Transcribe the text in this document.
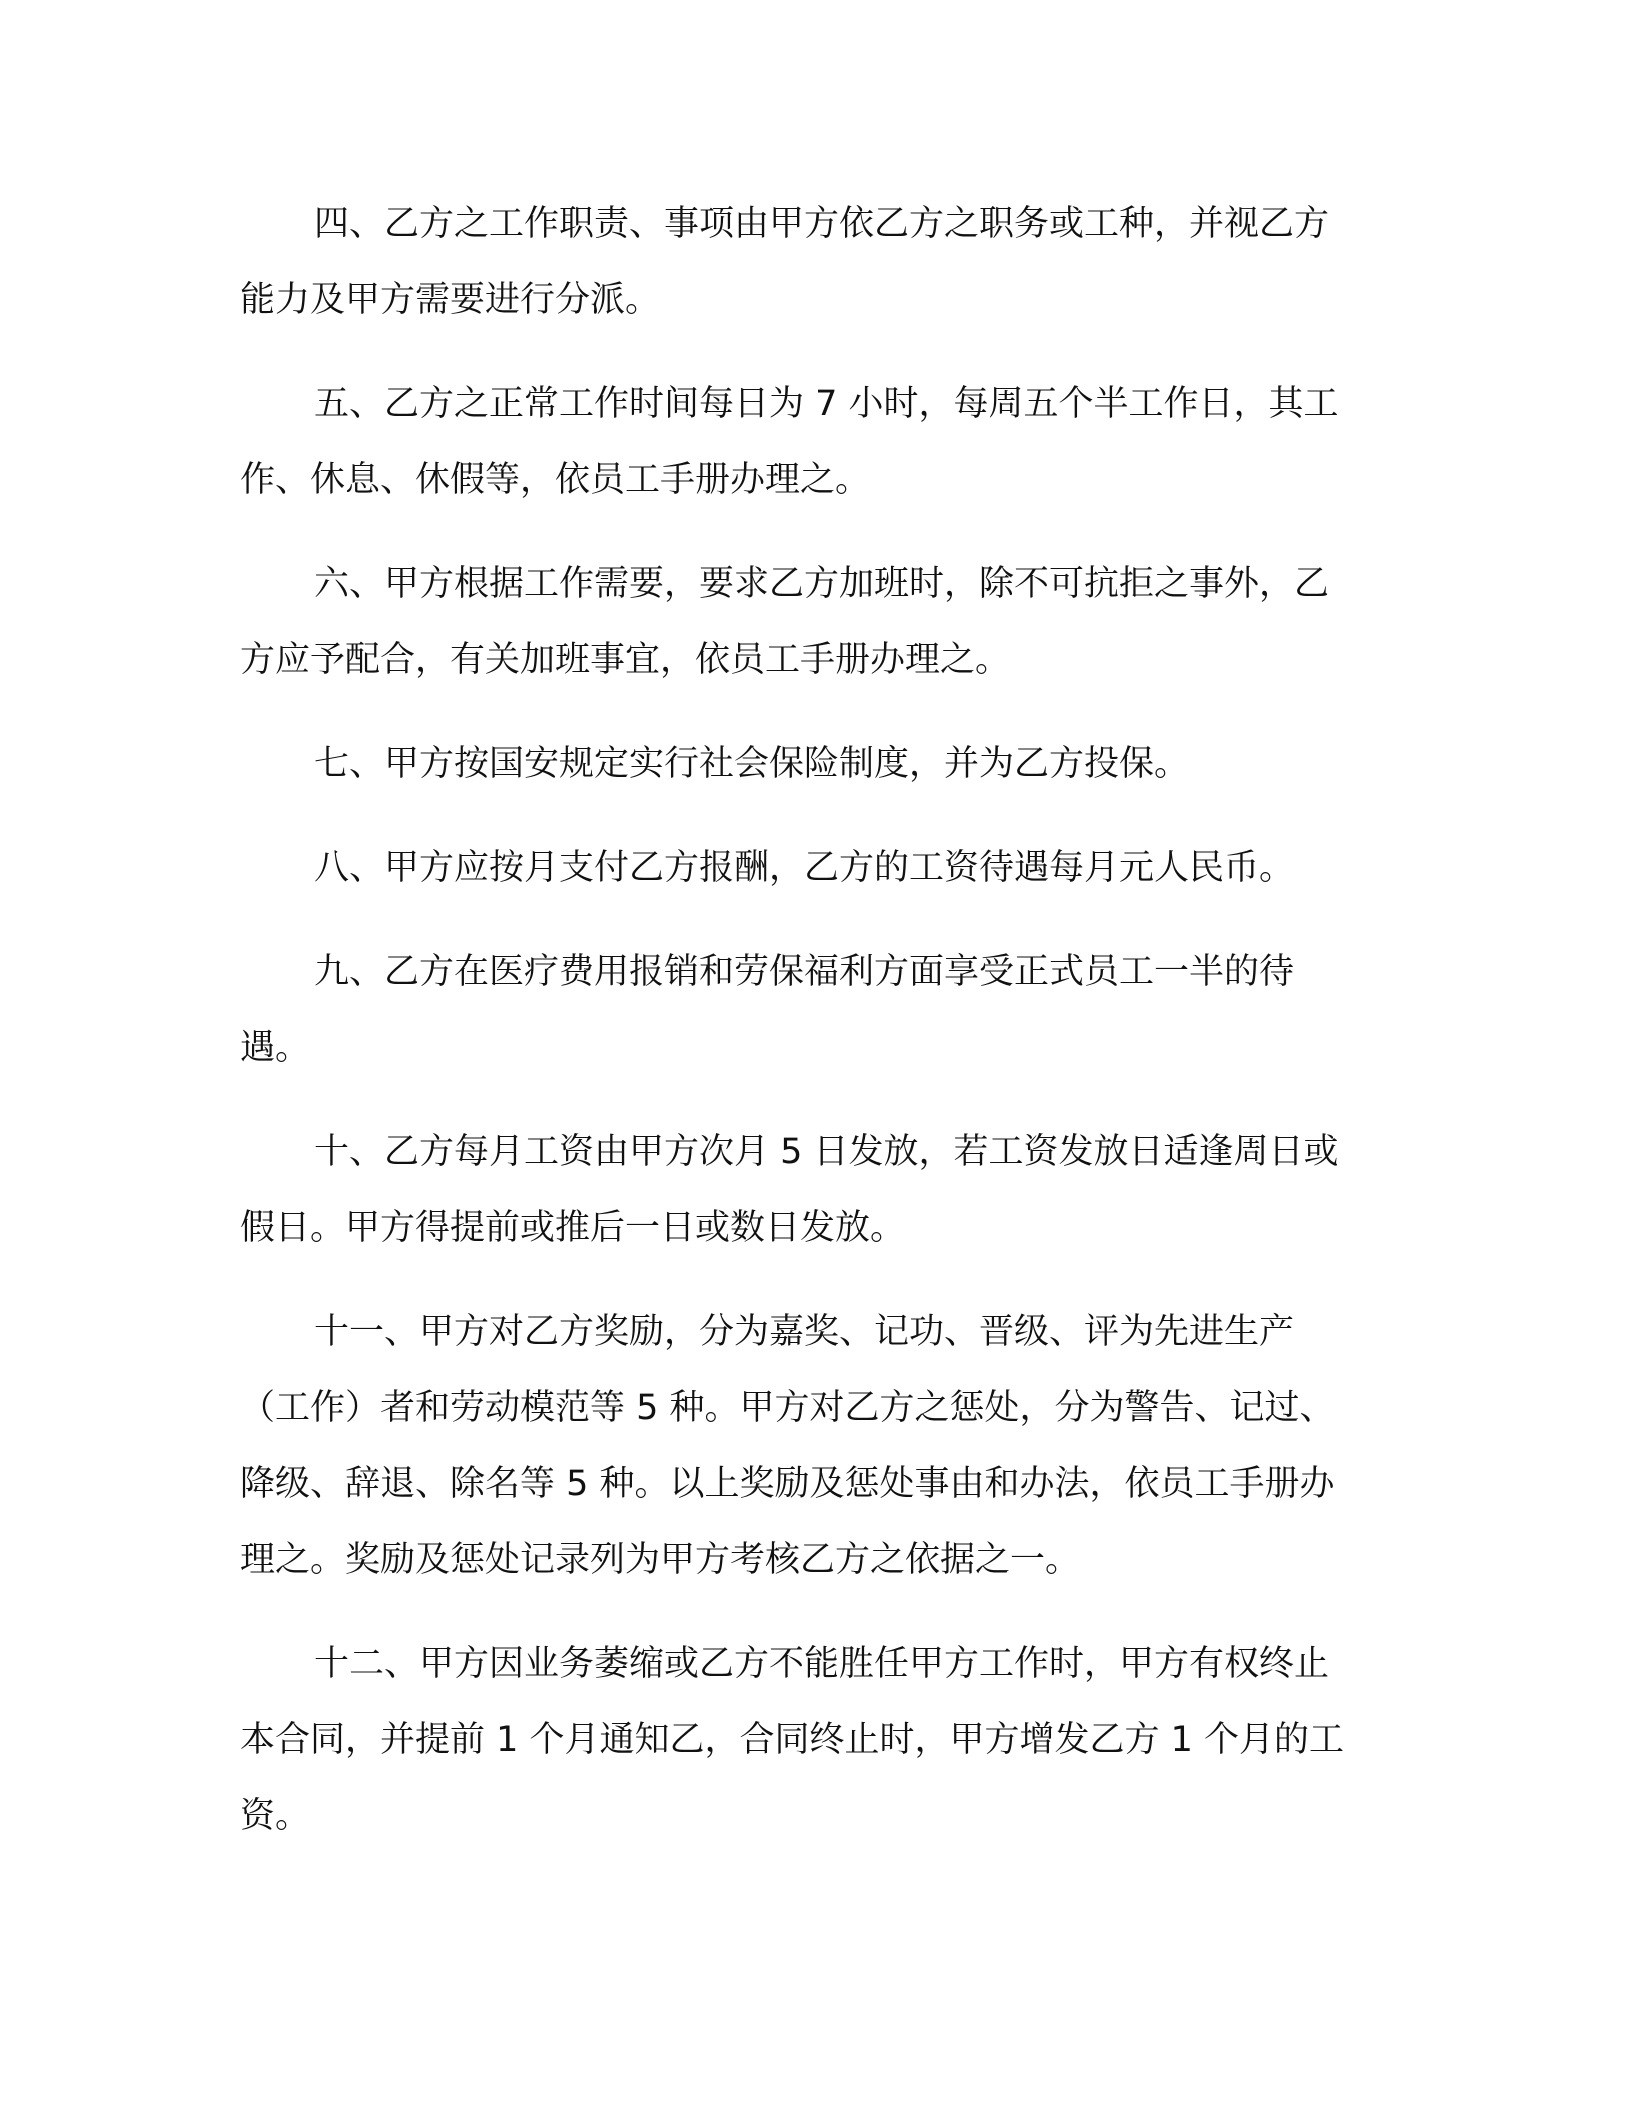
四、乙方之工作职责、事项由甲方依乙方之职务或工种，并视乙方能力及甲方需要进行分派。

五、乙方之正常工作时间每日为 7 小时，每周五个半工作日，其工作、休息、休假等，依员工手册办理之。

六、甲方根据工作需要，要求乙方加班时，除不可抗拒之事外，乙方应予配合，有关加班事宜，依员工手册办理之。

七、甲方按国安规定实行社会保险制度，并为乙方投保。

八、甲方应按月支付乙方报酬，乙方的工资待遇每月元人民币。

九、乙方在医疗费用报销和劳保福利方面享受正式员工一半的待遇。

十、乙方每月工资由甲方次月 5 日发放，若工资发放日适逢周日或假日。甲方得提前或推后一日或数日发放。

十一、甲方对乙方奖励，分为嘉奖、记功、晋级、评为先进生产（工作）者和劳动模范等 5 种。甲方对乙方之惩处，分为警告、记过、降级、辞退、除名等 5 种。以上奖励及惩处事由和办法，依员工手册办理之。奖励及惩处记录列为甲方考核乙方之依据之一。

十二、甲方因业务萎缩或乙方不能胜任甲方工作时，甲方有权终止本合同，并提前 1 个月通知乙，合同终止时，甲方增发乙方 1 个月的工资。
